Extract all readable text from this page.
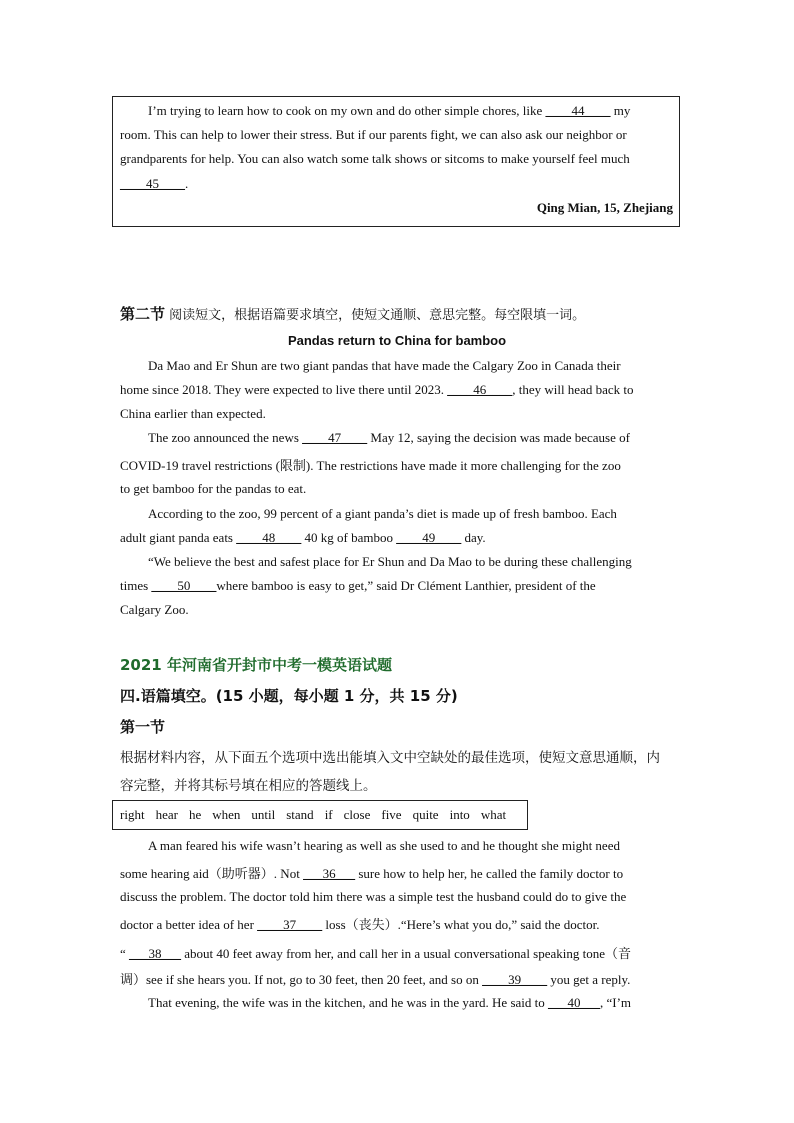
I’m trying to learn how to cook on my own and do other simple chores, like ____44____ my
room. This can help to lower their stress. But if our parents fight, we can also ask our neighbor or
grandparents for help. You can also watch some talk shows or sitcoms to make yourself feel much
____45____.
Qing Mian, 15, Zhejiang
第二节 阅读短文，根据语篇要求填空，使短文通顺、意思完整。每空限填一词。
Pandas return to China for bamboo
Da Mao and Er Shun are two giant pandas that have made the Calgary Zoo in Canada their
home since 2018. They were expected to live there until 2023. ____46____, they will head back to
China earlier than expected.
The zoo announced the news ____47____ May 12, saying the decision was made because of
COVID-19 travel restrictions (限制). The restrictions have made it more challenging for the zoo
to get bamboo for the pandas to eat.
According to the zoo, 99 percent of a giant panda’s diet is made up of fresh bamboo. Each
adult giant panda eats ____48____ 40 kg of bamboo ____49____ day.
“We believe the best and safest place for Er Shun and Da Mao to be during these challenging
times ____50____where bamboo is easy to get,” said Dr Clément Lanthier, president of the
Calgary Zoo.
2021 年河南省开封市中考一模英语试题
四.语篇填空。(15 小题，每小题 1 分，共 15 分)
第一节
根据材料内容，从下面五个选项中选出能填入文中空缺处的最佳选项，使短文意思通顺，内
容完整，并将其标号填在相应的答题线上。
right hear he when until stand if close five quite into what
A man feared his wife wasn’t hearing as well as she used to and he thought she might need
some hearing aid（助听器）. Not ___36___ sure how to help her, he called the family doctor to
discuss the problem. The doctor told him there was a simple test the husband could do to give the
doctor a better idea of her ____37____ loss（丧失）.“Here’s what you do,” said the doctor.
“ ___38___ about 40 feet away from her, and call her in a usual conversational speaking tone（音
调）see if she hears you. If not, go to 30 feet, then 20 feet, and so on ____39____ you get a reply.
That evening, the wife was in the kitchen, and he was in the yard. He said to ___40___, “I’m
